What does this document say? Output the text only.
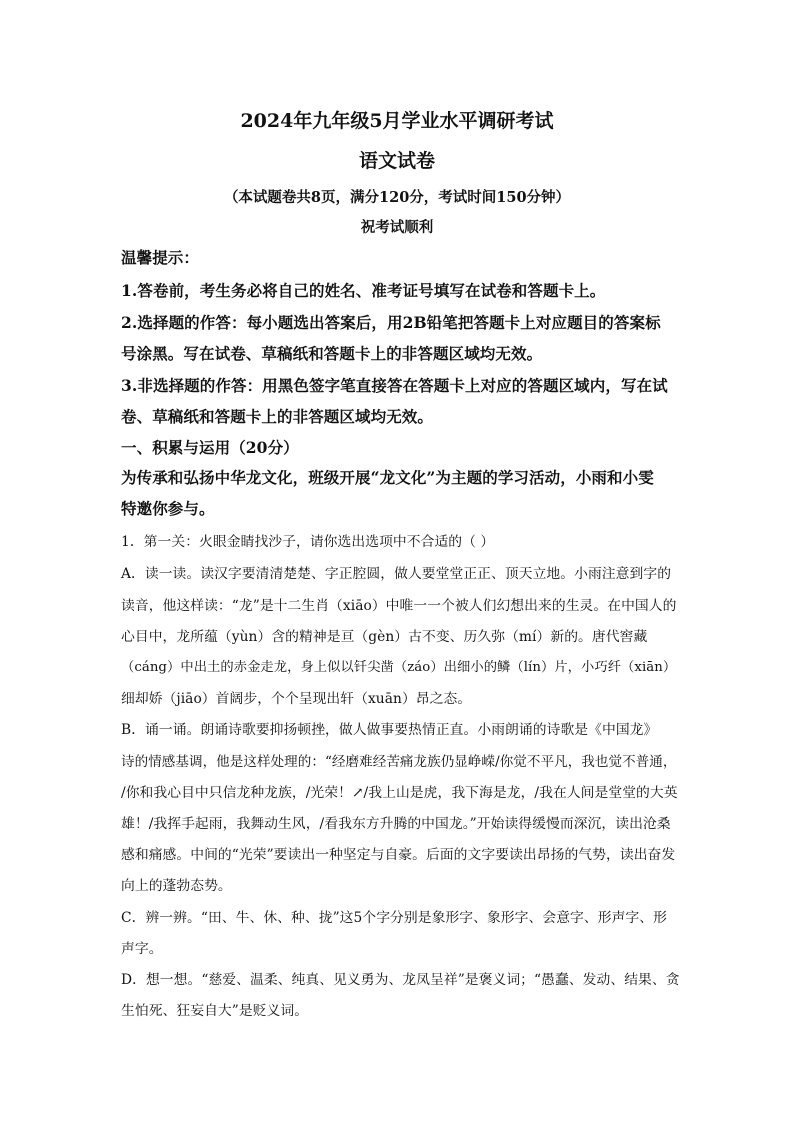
2024年九年级5月学业水平调研考试
语文试卷
（本试题卷共8页，满分120分，考试时间150分钟）
祝考试顺利
温馨提示：
1.答卷前，考生务必将自己的姓名、准考证号填写在试卷和答题卡上。
2.选择题的作答：每小题选出答案后，用2B铅笔把答题卡上对应题目的答案标
号涂黑。写在试卷、草稿纸和答题卡上的非答题区域均无效。
3.非选择题的作答：用黑色签字笔直接答在答题卡上对应的答题区域内，写在试
卷、草稿纸和答题卡上的非答题区域均无效。
一、积累与运用（20分）
为传承和弘扬中华龙文化，班级开展“龙文化”为主题的学习活动，小雨和小雯
特邀你参与。
1．第一关：火眼金睛找沙子，请你选出选项中不合适的（ ）
A．读一读。读汉字要清清楚楚、字正腔圆，做人要堂堂正正、顶天立地。小雨注意到字的
读音，他这样读：“龙”是十二生肖（xiāo）中唯一一个被人们幻想出来的生灵。在中国人的
心目中，龙所蕴（yùn）含的精神是亘（gèn）古不变、历久弥（mí）新的。唐代窖藏
（cáng）中出土的赤金走龙，身上似以钎尖凿（záo）出细小的鳞（lín）片，小巧纤（xiān）
细却娇（jiāo）首阔步，个个呈现出轩（xuān）昂之态。
B．诵一诵。朗诵诗歌要抑扬顿挫，做人做事要热情正直。小雨朗诵的诗歌是《中国龙》
诗的情感基调，他是这样处理的：“经磨难经苦痛龙族仍显峥嵘/你觉不平凡，我也觉不普通，
/你和我心目中只信龙种龙族，/光荣！↗/我上山是虎，我下海是龙，/我在人间是堂堂的大英
雄！/我挥手起雨，我舞动生风，/看我东方升腾的中国龙。”开始读得缓慢而深沉，读出沧桑
感和痛感。中间的“光荣”要读出一种坚定与自豪。后面的文字要读出昂扬的气势，读出奋发
向上的蓬勃态势。
C．辨一辨。“田、牛、休、种、拢”这5个字分别是象形字、象形字、会意字、形声字、形
声字。
D．想一想。“慈爱、温柔、纯真、见义勇为、龙凤呈祥”是褒义词；“愚蠢、发动、结果、贪
生怕死、狂妄自大”是贬义词。
